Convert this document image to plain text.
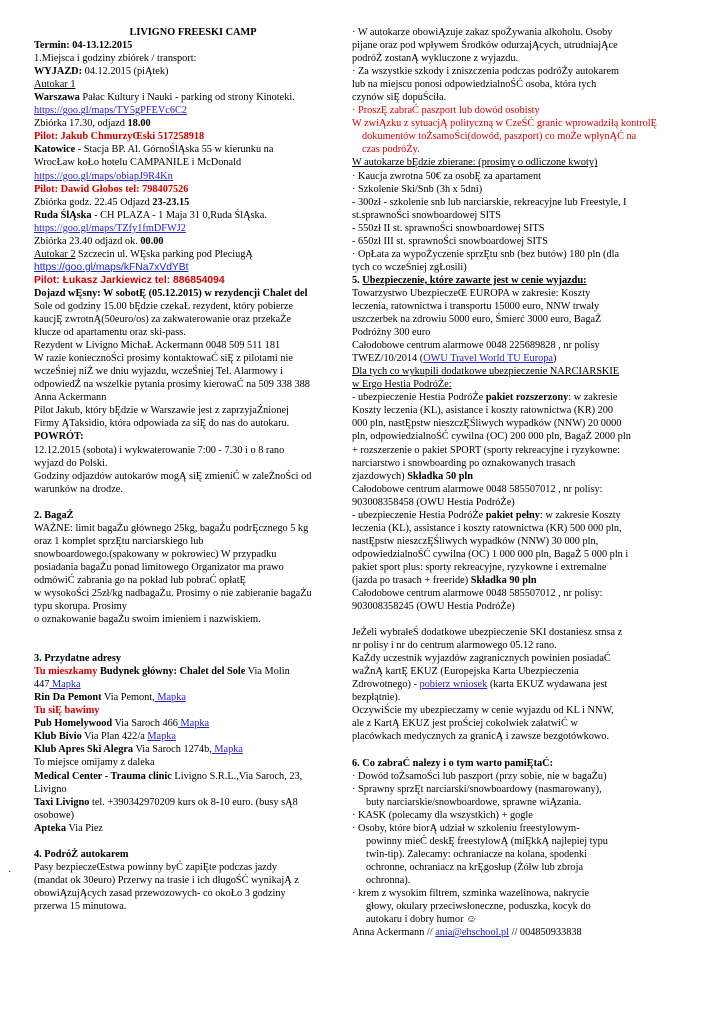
LIVIGNO FREESKI CAMP
Termin: 04-13.12.2015
1.Miejsca i godziny zbiórek / transport:
WYJAZD: 04.12.2015 (piĄtek)
Autokar 1
Warszawa Pałac Kultury i Nauki - parking od strony Kinoteki.
https://goo.gl/maps/TY5gPFEVc6C2
Zbiórka 17.30, odjazd 18.00
Pilot: Jakub ChmurzyŒski 517258918
Katowice - Stacja BP. Al. GórnoŚlĄska 55 w kierunku na
WrocŁaw koŁo hotelu CAMPANILE i McDonald
https://goo.gl/maps/obiapJ9R4Kn
Pilot: Dawid Głobos tel: 798407526
Zbiórka godz. 22.45 Odjazd 23-23.15
Ruda ŚlĄska - CH PLAZA - 1 Maja 31 0,Ruda ŚlĄska.
https://goo.gl/maps/TZfy1fmDFWJ2
Zbiórka 23.40 odjazd ok. 00.00
Autokar 2 Szczecin ul. WĘska parking pod PleciugĄ
https://goo.gl/maps/kFNa7xVdYBt
Pilot: Łukasz Jarkiewicz tel: 886854094
Dojazd wĘsny: W sobotĘ (05.12.2015) w rezydencji Chalet del
Sole od godziny 15.00 bĘdzie czekaŁ rezydent, który pobierze
kaucjĘ zwrotnĄ(50euro/os) za zakwaterowanie oraz przekaŻe
klucze od apartamentu oraz ski-pass.
Rezydent w Livigno MichaŁ Ackermann 0048 509 511 181
W razie koniecznoŚci prosimy kontaktowaĆ siĘ z pilotami nie
wczeŚniej niŻ we dniu wyjazdu, wczeŚniej Tel. Alarmowy i
odpowiedŹ na wszelkie pytania prosimy kierowaĆ na 509 338 388
Anna Ackermann
Pilot Jakub, który bĘdzie w Warszawie jest z zaprzyjaŹnionej
Firmy ĄTaksidio, która odpowiada za siĘ do nas do autokaru.
POWRÓT:
12.12.2015 (sobota) i wykwaterowanie 7:00 - 7.30 i o 8 rano
wyjazd do Polski.
Godziny odjazdów autokarów mogĄ siĘ zmieniĆ w zaleŻnoŚci od
warunków na drodze.
2. BagaŻ
WAŻNE: limit bagaŻu głównego 25kg, bagaŻu podrĘcznego 5 kg
oraz 1 komplet sprzĘtu narciarskiego lub
snowboardowego.(spakowany w pokrowiec) W przypadku
posiadania bagaŻu ponad limitowego Organizator ma prawo
odmówiĆ zabrania go na pokład lub pobraĆ opłatĘ
w wysokoŚci 25zł/kg nadbagaŻu. Prosimy o nie zabieranie bagaŻu
typu skorupa. Prosimy
o oznakowanie bagaŻu swoim imieniem i nazwiskiem.
3. Przydatne adresy
Tu mieszkamy Budynek główny: Chalet del Sole Via Molin
447 Mapka
Rin Da Pemont Via Pemont, Mapka
Tu siĘ bawimy
Pub Homelywood Via Saroch 466 Mapka
Klub Bivio Via Plan 422/a Mapka
Klub Apres Ski Alegra Via Saroch 1274b, Mapka
To miejsce omijamy z daleka
Medical Center - Trauma clinic Livigno S.R.L.,Via Saroch, 23,
Livigno
Taxi Livigno tel. +390342970209 kurs ok 8-10 euro. (busy sĄ8
osobowe)
Apteka Via Piez
4. PodróŻ autokarem
· Pasy bezpieczeŒstwa powinny byĆ zapiĘte podczas jazdy
(mandat ok 30euro) Przerwy na trasie i ich długoŚĆ wynikajĄ z
obowiĄzujĄcych zasad przewozowych- co okoŁo 3 godziny
przerwa 15 minutowa.
· W autokarze obowiĄzuje zakaz spoŻywania alkoholu. Osoby
pijane oraz pod wpływem Środków odurzajĄcych, utrudniajĄce
podróŻ zostanĄ wykluczone z wyjazdu.
· Za wszystkie szkody i zniszczenia podczas podróŻy autokarem
lub na miejscu ponosi odpowiedzialnoŚĆ osoba, która tych
czynów siĘ dopuŚciła.
· ProszĘ zabraĆ paszport lub dowód osobisty
W zwiĄzku z sytuacjĄ polityczną w CzeŚĆ granic wprowadziłą kontrolĘ
dokumentów toŻsamoŚci(dowód, paszport) co moŻe wpłynĄĆ na
czas podróŻy.
W autokarze bĘdzie zbierane: (prosimy o odliczone kwoty)
· Kaucja zwrotna 50€ za osobĘ za apartament
· Szkolenie Ski/Snb (3h x 5dni)
- 300zł - szkolenie snb lub narciarskie, rekreacyjne lub Freestyle, I
st.sprawnoŚci snowboardowej SITS
- 550zł II st. sprawnoŚci snowboardowej SITS
- 650zł III st. sprawnoŚci snowboardowej SITS
· OpŁata za wypoŻyczenie sprzĘtu snb (bez butów) 180 pln (dla
tych co wczeŚniej zgŁosili)
5. Ubezpieczenie, które zawarte jest w cenie wyjazdu:
Towarzystwo UbezpieczeŒ EUROPA w zakresie: Koszty
leczenia, ratownictwa i transportu 15000 euro, NNW trwały
uszczerbek na zdrowiu 5000 euro, Śmierć 3000 euro, BagaŻ
Podróżny 300 euro
Całodobowe centrum alarmowe 0048 225689828 , nr polisy
TWEZ/10/2014 (OWU Travel World TU Europa)
Dla tych co wykupili dodatkowe ubezpieczenie NARCIARSKIE
w Ergo Hestia PodróŻe:
- ubezpieczenie Hestia PodróŻe pakiet rozszerzony: w zakresie
Koszty leczenia (KL), asistance i koszty ratownictwa (KR) 200
000 pln, nastĘpstw nieszczĘŚliwych wypadków (NNW) 20 0000
pln, odpowiedzialnoŚĆ cywilna (OC) 200 000 pln, BagaŻ 2000 pln
+ rozszerzenie o pakiet SPORT (sporty rekreacyjne i ryzykowne:
narciarstwo i snowboarding po oznakowanych trasach
zjazdowych) Składka 50 pln
Całodobowe centrum alarmowe 0048 585507012 , nr polisy:
903008358458 (OWU Hestia PodróŻe)
- ubezpieczenie Hestia PodróŻe pakiet pełny: w zakresie Koszty
leczenia (KL), assistance i koszty ratownictwa (KR) 500 000 pln,
nastĘpstw nieszczĘŚliwych wypadków (NNW) 30 000 pln,
odpowiedzialnoŚĆ cywilna (OC) 1 000 000 pln, BagaŻ 5 000 pln i
pakiet sport plus: sporty rekreacyjne, ryzykowne i extremalne
(jazda po trasach + freeride) Składka 90 pln
Całodobowe centrum alarmowe 0048 585507012 , nr polisy:
903008358245 (OWU Hestia PodróŻe)
JeŻeli wybrałeŚ dodatkowe ubezpieczenie SKI dostaniesz smsa z
nr polisy i nr do centrum alarmowego 05.12 rano.
KaŻdy uczestnik wyjazdów zagranicznych powinien posiadaĆ
waŻnĄ kartĘ EKUZ (Europejska Karta Ubezpieczenia
Zdrowotnego) - pobierz wniosek (karta EKUZ wydawana jest
bezpłątnie).
OczywiŚcie my ubezpieczamy w cenie wyjazdu od KL i NNW,
ale z KartĄ EKUZ jest proŚciej cokolwiek załatwiĆ w
placówkach medycznych za granicĄ i zawsze bezgotówkowo.
6. Co zabraĆ nalezy i o tym warto pamiĘtaĆ:
· Dowód toŻsamoŚci lub paszport (przy sobie, nie w bagaŻu)
· Sprawny sprzĘt narciarski/snowboardowy (nasmarowany),
buty narciarskie/snowboardowe, sprawne wiĄzania.
· KASK (polecamy dla wszystkich) + gogle
· Osoby, które biorĄ udział w szkoleniu freestylowym-
powinny mieĆ deskĘ freestylowĄ (miĘkkĄ najlepiej typu
twin-tip). Zalecamy: ochraniacze na kolana, spodenki
ochronne, ochraniacz na krĘgosłup (Żółw lub zbroja
ochronna).
· krem z wysokim filtrem, szminka wazelinowa, nakrycie
głowy, okulary przeciwsłoneczne, poduszka, kocyk do
autokaru i dobry humor ☺
Anna Ackermann // ania@ehschool.pl // 004850933838
